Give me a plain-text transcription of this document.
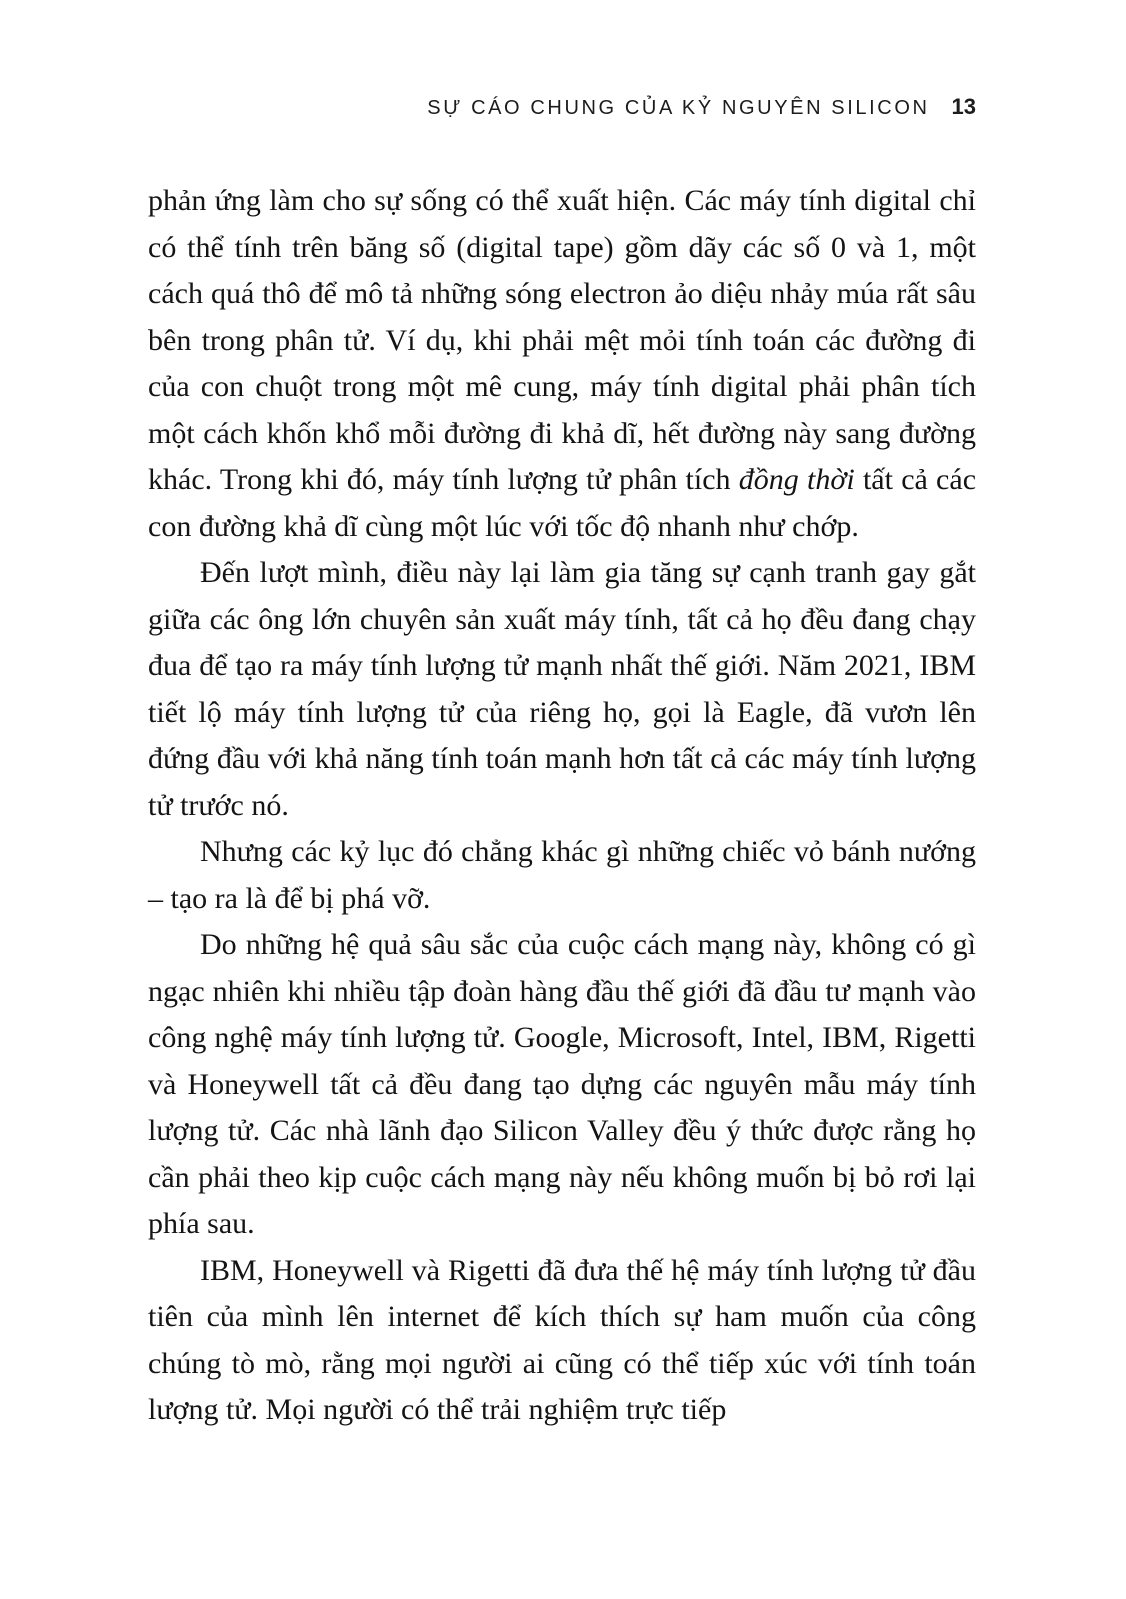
SỰ CÁO CHUNG CỦA KỶ NGUYÊN SILICON 13

phản ứng làm cho sự sống có thể xuất hiện. Các máy tính digital chỉ có thể tính trên băng số (digital tape) gồm dãy các số 0 và 1, một cách quá thô để mô tả những sóng electron ảo diệu nhảy múa rất sâu bên trong phân tử. Ví dụ, khi phải mệt mỏi tính toán các đường đi của con chuột trong một mê cung, máy tính digital phải phân tích một cách khốn khổ mỗi đường đi khả dĩ, hết đường này sang đường khác. Trong khi đó, máy tính lượng tử phân tích đồng thời tất cả các con đường khả dĩ cùng một lúc với tốc độ nhanh như chớp.

Đến lượt mình, điều này lại làm gia tăng sự cạnh tranh gay gắt giữa các ông lớn chuyên sản xuất máy tính, tất cả họ đều đang chạy đua để tạo ra máy tính lượng tử mạnh nhất thế giới. Năm 2021, IBM tiết lộ máy tính lượng tử của riêng họ, gọi là Eagle, đã vươn lên đứng đầu với khả năng tính toán mạnh hơn tất cả các máy tính lượng tử trước nó.

Nhưng các kỷ lục đó chẳng khác gì những chiếc vỏ bánh nướng – tạo ra là để bị phá vỡ.

Do những hệ quả sâu sắc của cuộc cách mạng này, không có gì ngạc nhiên khi nhiều tập đoàn hàng đầu thế giới đã đầu tư mạnh vào công nghệ máy tính lượng tử. Google, Microsoft, Intel, IBM, Rigetti và Honeywell tất cả đều đang tạo dựng các nguyên mẫu máy tính lượng tử. Các nhà lãnh đạo Silicon Valley đều ý thức được rằng họ cần phải theo kịp cuộc cách mạng này nếu không muốn bị bỏ rơi lại phía sau.

IBM, Honeywell và Rigetti đã đưa thế hệ máy tính lượng tử đầu tiên của mình lên internet để kích thích sự ham muốn của công chúng tò mò, rằng mọi người ai cũng có thể tiếp xúc với tính toán lượng tử. Mọi người có thể trải nghiệm trực tiếp
